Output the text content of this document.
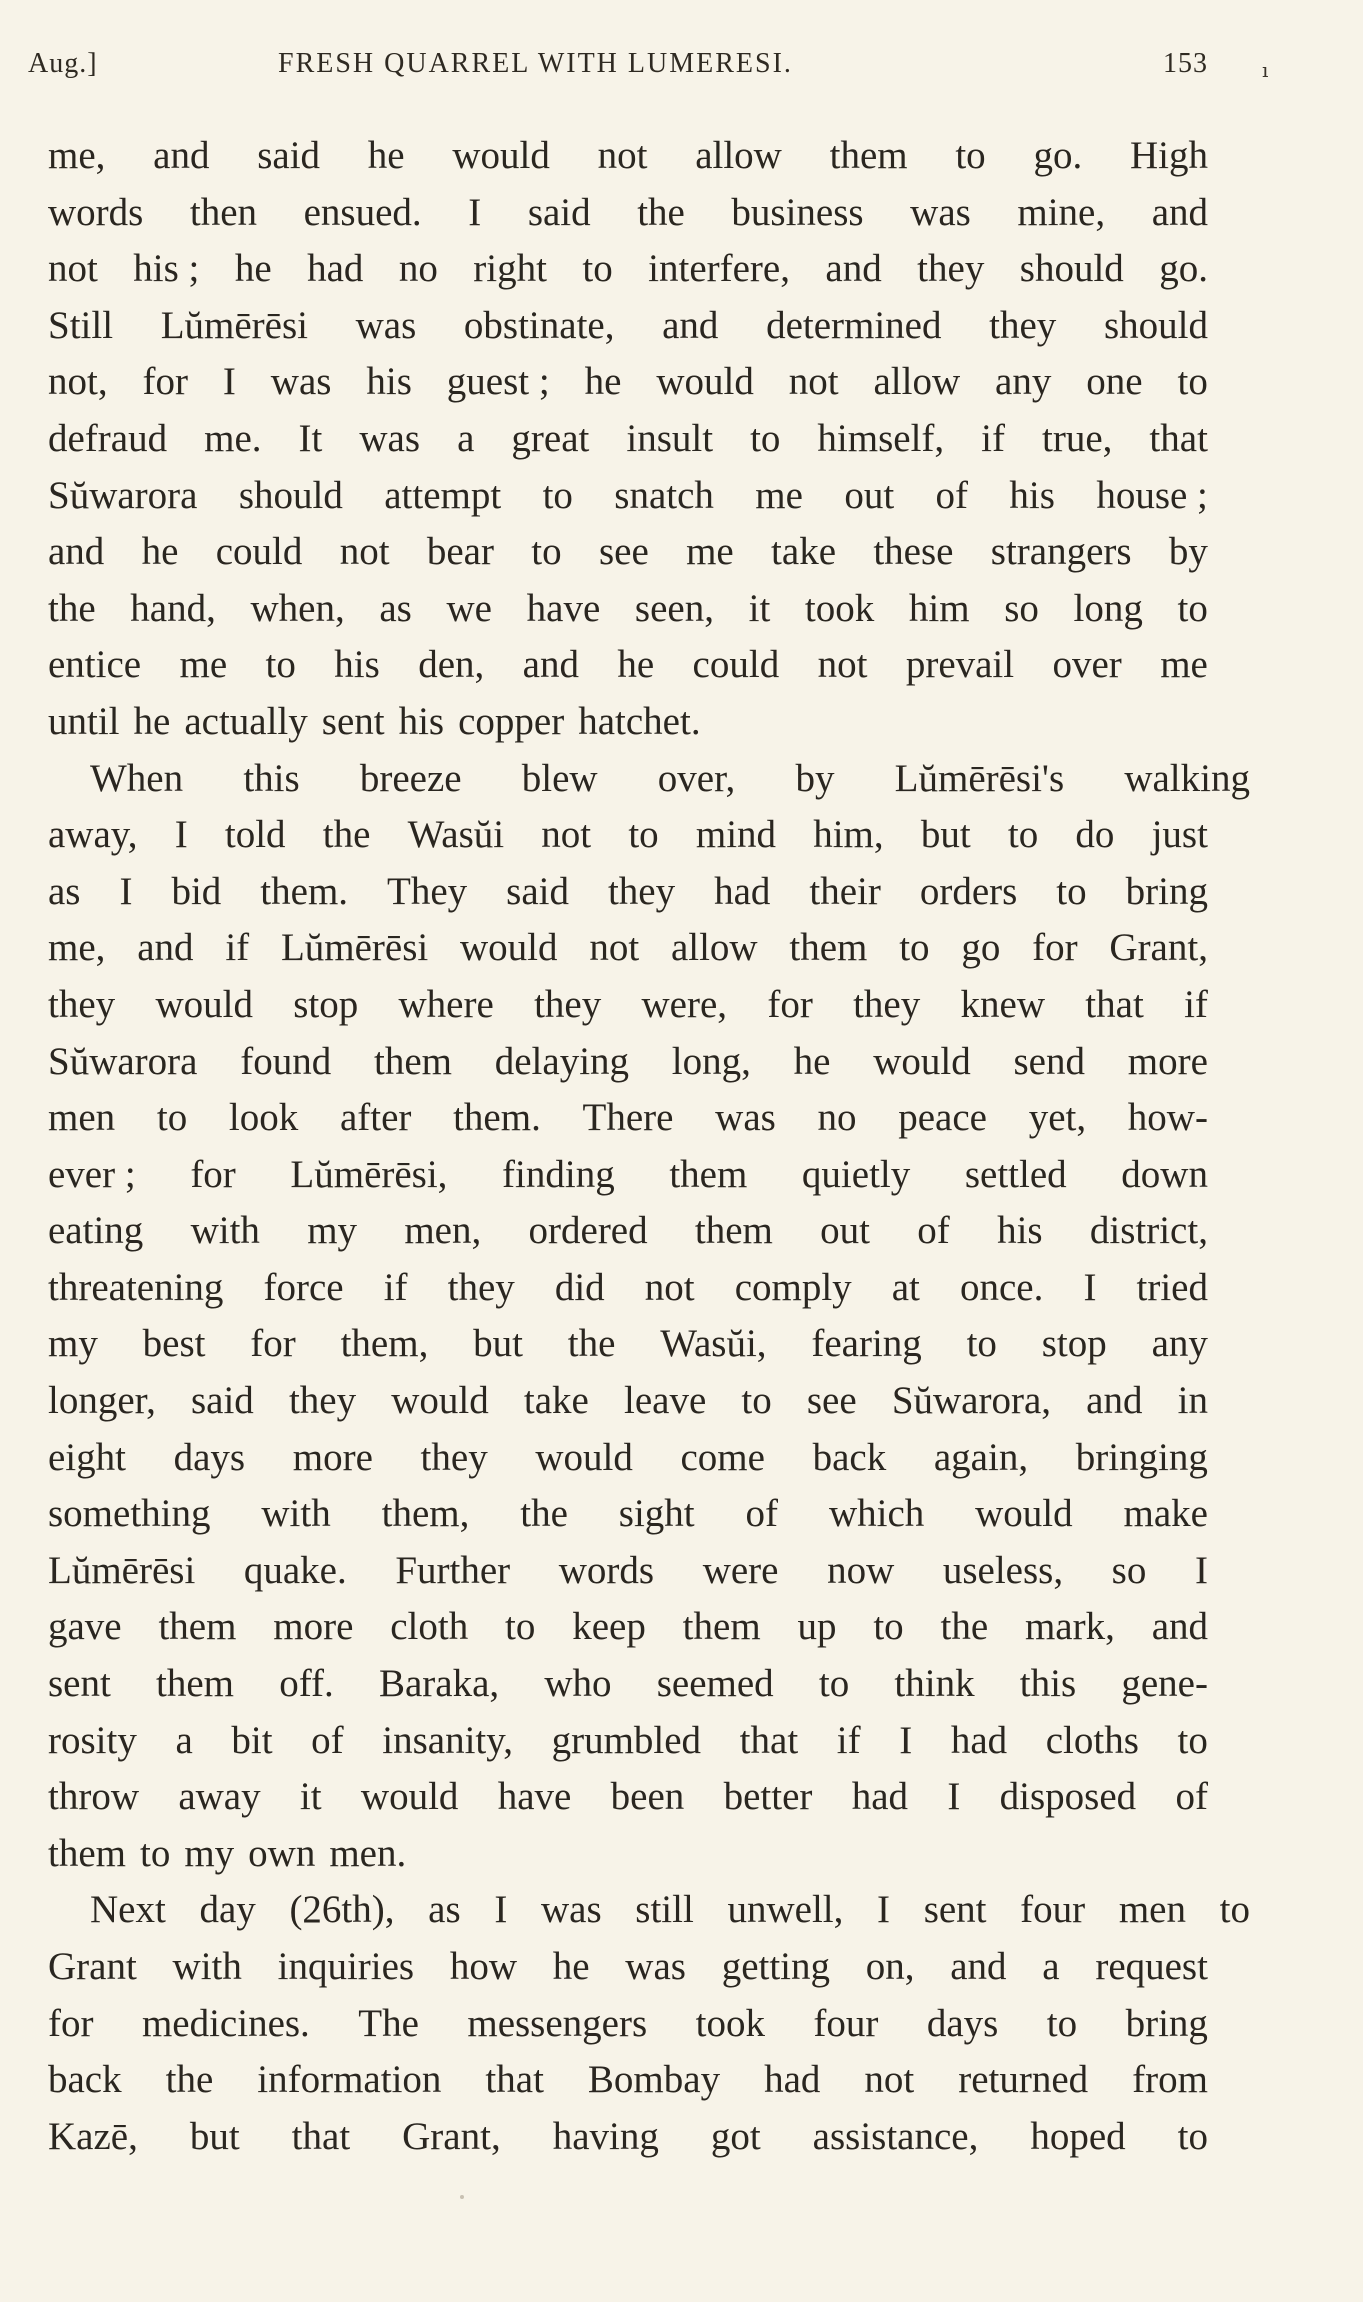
Aug.]	FRESH QUARREL WITH LUMERESI.	153	ı
me, and said he would not allow them to go. High
words then ensued. I said the business was mine, and
not his ; he had no right to interfere, and they should go.
Still Lŭmērēsi was obstinate, and determined they should
not, for I was his guest ; he would not allow any one to
defraud me. It was a great insult to himself, if true, that
Sŭwarora should attempt to snatch me out of his house ;
and he could not bear to see me take these strangers by
the hand, when, as we have seen, it took him so long to
entice me to his den, and he could not prevail over me
until he actually sent his copper hatchet.
When this breeze blew over, by Lŭmērēsi's walking
away, I told the Wasŭi not to mind him, but to do just
as I bid them. They said they had their orders to bring
me, and if Lŭmērēsi would not allow them to go for Grant,
they would stop where they were, for they knew that if
Sŭwarora found them delaying long, he would send more
men to look after them. There was no peace yet, how-
ever ; for Lŭmērēsi, finding them quietly settled down
eating with my men, ordered them out of his district,
threatening force if they did not comply at once. I tried
my best for them, but the Wasŭi, fearing to stop any
longer, said they would take leave to see Sŭwarora, and in
eight days more they would come back again, bringing
something with them, the sight of which would make
Lŭmērēsi quake. Further words were now useless, so I
gave them more cloth to keep them up to the mark, and
sent them off. Baraka, who seemed to think this gene-
rosity a bit of insanity, grumbled that if I had cloths to
throw away it would have been better had I disposed of
them to my own men.
Next day (26th), as I was still unwell, I sent four men to
Grant with inquiries how he was getting on, and a request
for medicines. The messengers took four days to bring
back the information that Bombay had not returned from
Kazē, but that Grant, having got assistance, hoped to
